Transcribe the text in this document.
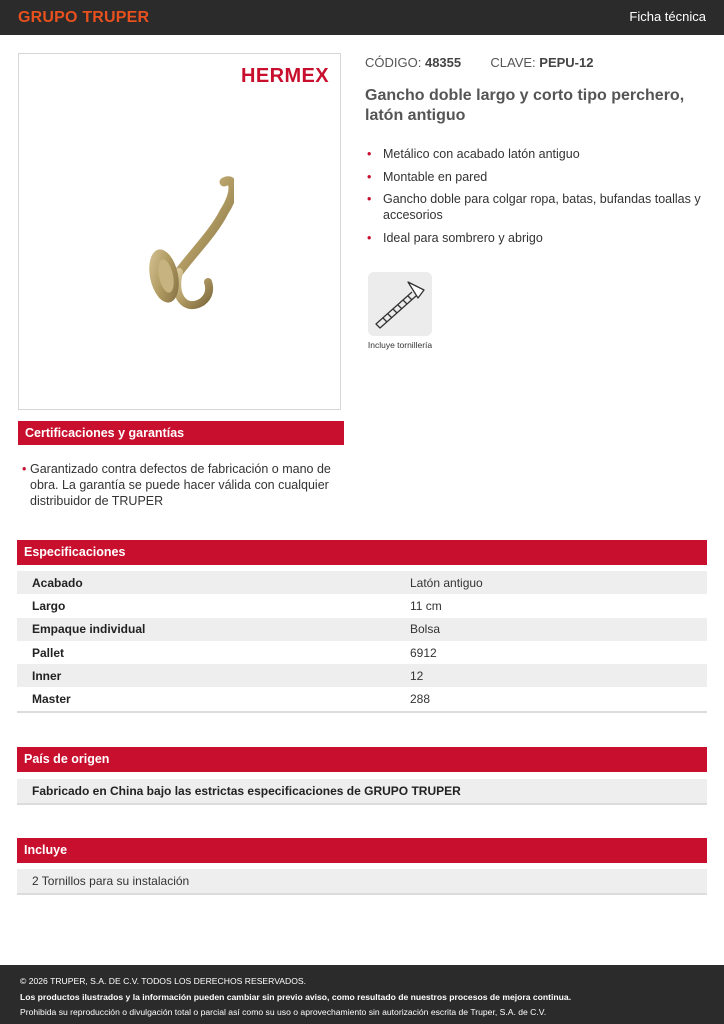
GRUPO TRUPER	Ficha técnica
HERMEX
CÓDIGO: 48355 CLAVE: PEPU-12
Gancho doble largo y corto tipo perchero, latón antiguo
• Metálico con acabado latón antiguo
• Montable en pared
• Gancho doble para colgar ropa, batas, bufandas toallas y accesorios
• Ideal para sombrero y abrigo
Incluye tornillería
Certificaciones y garantías
• Garantizado contra defectos de fabricación o mano de obra. La garantía se puede hacer válida con cualquier distribuidor de TRUPER
Especificaciones
Acabado	Latón antiguo
Largo	11 cm
Empaque individual	Bolsa
Pallet	6912
Inner	12
Master	288
País de origen
Fabricado en China bajo las estrictas especificaciones de GRUPO TRUPER
Incluye
2 Tornillos para su instalación
© 2026 TRUPER, S.A. DE C.V. TODOS LOS DERECHOS RESERVADOS.
Los productos ilustrados y la información pueden cambiar sin previo aviso, como resultado de nuestros procesos de mejora continua.
Prohibida su reproducción o divulgación total o parcial así como su uso o aprovechamiento sin autorización escrita de Truper, S.A. de C.V.
